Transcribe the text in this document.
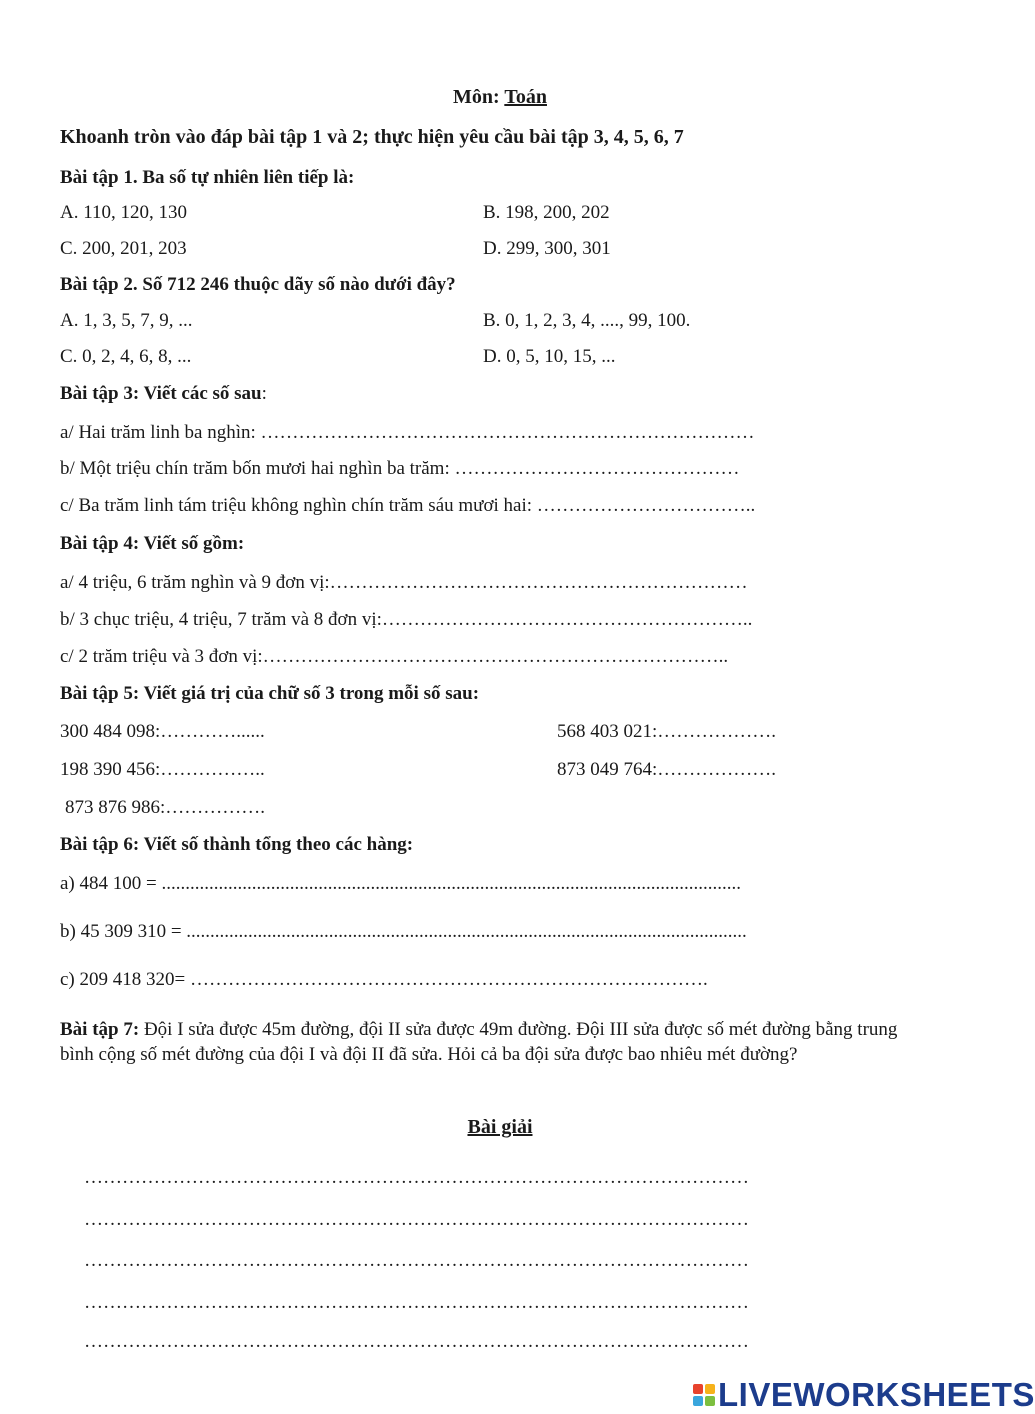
Môn: Toán
Khoanh tròn vào đáp bài tập 1 và 2; thực hiện yêu cầu bài tập 3, 4, 5, 6, 7
Bài tập 1. Ba số tự nhiên liên tiếp là:
A. 110, 120, 130	B. 198, 200, 202
C. 200, 201, 203	D. 299, 300, 301
Bài tập 2. Số 712 246 thuộc dãy số nào dưới đây?
A. 1, 3, 5, 7, 9, ...	B. 0, 1, 2, 3, 4, ...., 99, 100.
C. 0, 2, 4, 6, 8, ...	D. 0, 5, 10, 15, ...
Bài tập 3: Viết các số sau:
a/ Hai trăm linh ba nghìn: ……………………………………………………………………
b/ Một triệu chín trăm bốn mươi hai nghìn ba trăm: ………………………………………
c/ Ba trăm linh tám triệu không nghìn chín trăm sáu mươi hai: ……………………………..
Bài tập 4: Viết số gồm:
a/ 4 triệu, 6 trăm nghìn và 9 đơn vị:…………………………………………………………
b/ 3 chục triệu, 4 triệu, 7 trăm và 8 đơn vị:…………………………………………………..
c/ 2 trăm triệu và 3 đơn vị:………………………………………………………………..
Bài tập 5: Viết giá trị của chữ số 3 trong mỗi số sau:
300 484 098:…………......	568 403 021:……………….
198 390 456:……………..	873 049 764:……………….
873 876 986:…………….
Bài tập 6: Viết số thành tổng theo các hàng:
a) 484 100 = ..........................................................................................................................
b) 45 309 310 = ......................................................................................................................
c) 209 418 320= ……………………………………………………………………….
Bài tập 7: Đội I sửa được 45m đường, đội II sửa được 49m đường. Đội III sửa được số mét đường bằng trung bình cộng số mét đường của đội I và đội II đã sửa. Hỏi cả ba đội sửa được bao nhiêu mét đường?
Bài giải
……………………………………………………………………………………………
……………………………………………………………………………………………
……………………………………………………………………………………………
……………………………………………………………………………………………
……………………………………………………………………………………………
LIVEWORKSHEETS
